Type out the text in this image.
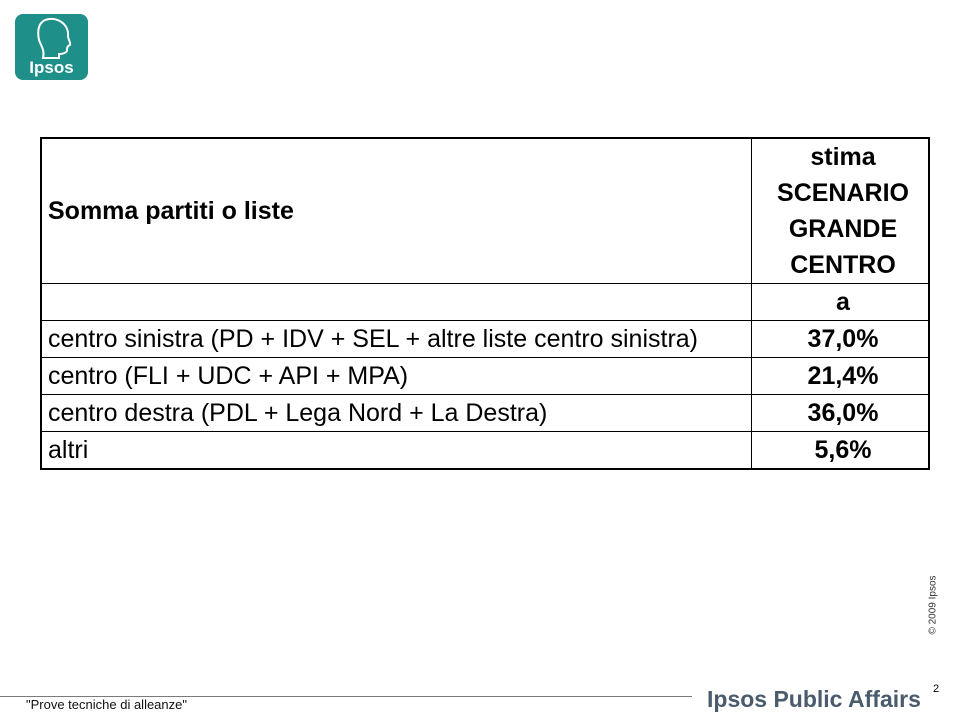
Ipsos
Somma partiti o liste	stima
SCENARIO
GRANDE
CENTRO

	a
centro sinistra (PD + IDV + SEL + altre liste centro sinistra)	37,0%
centro (FLI + UDC + API + MPA)	21,4%
centro destra (PDL + Lega Nord + La Destra)	36,0%
altri	5,6%
© 2009 Ipsos
"Prove tecniche di alleanze"	Ipsos Public Affairs 2
